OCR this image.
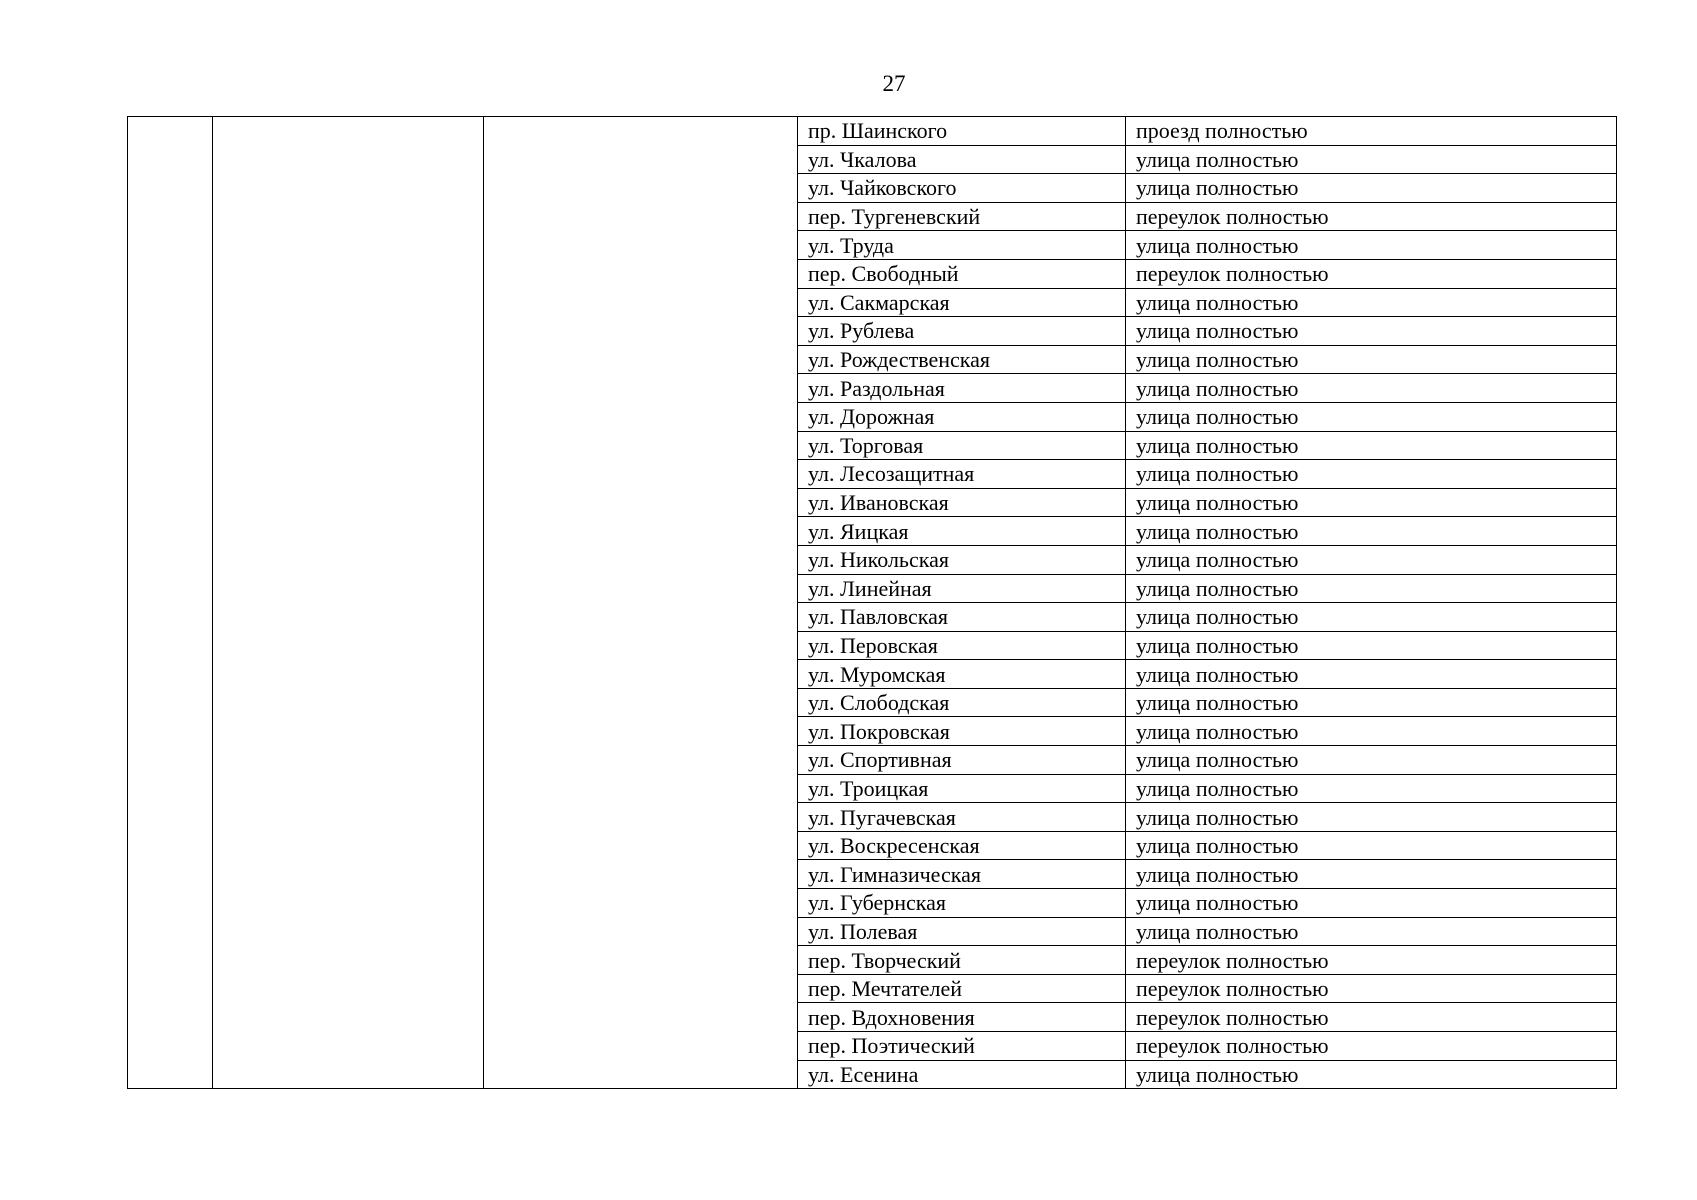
27
			пр. Шаинского	проезд полностью
			ул. Чкалова	улица полностью
			ул. Чайковского	улица полностью
			пер. Тургеневский	переулок полностью
			ул. Труда	улица полностью
			пер. Свободный	переулок полностью
			ул. Сакмарская	улица полностью
			ул. Рублева	улица полностью
			ул. Рождественская	улица полностью
			ул. Раздольная	улица полностью
			ул. Дорожная	улица полностью
			ул. Торговая	улица полностью
			ул. Лесозащитная	улица полностью
			ул. Ивановская	улица полностью
			ул. Яицкая	улица полностью
			ул. Никольская	улица полностью
			ул. Линейная	улица полностью
			ул. Павловская	улица полностью
			ул. Перовская	улица полностью
			ул. Муромская	улица полностью
			ул. Слободская	улица полностью
			ул. Покровская	улица полностью
			ул. Спортивная	улица полностью
			ул. Троицкая	улица полностью
			ул. Пугачевская	улица полностью
			ул. Воскресенская	улица полностью
			ул. Гимназическая	улица полностью
			ул. Губернская	улица полностью
			ул. Полевая	улица полностью
			пер. Творческий	переулок полностью
			пер. Мечтателей	переулок полностью
			пер. Вдохновения	переулок полностью
			пер. Поэтический	переулок полностью
			ул. Есенина	улица полностью
